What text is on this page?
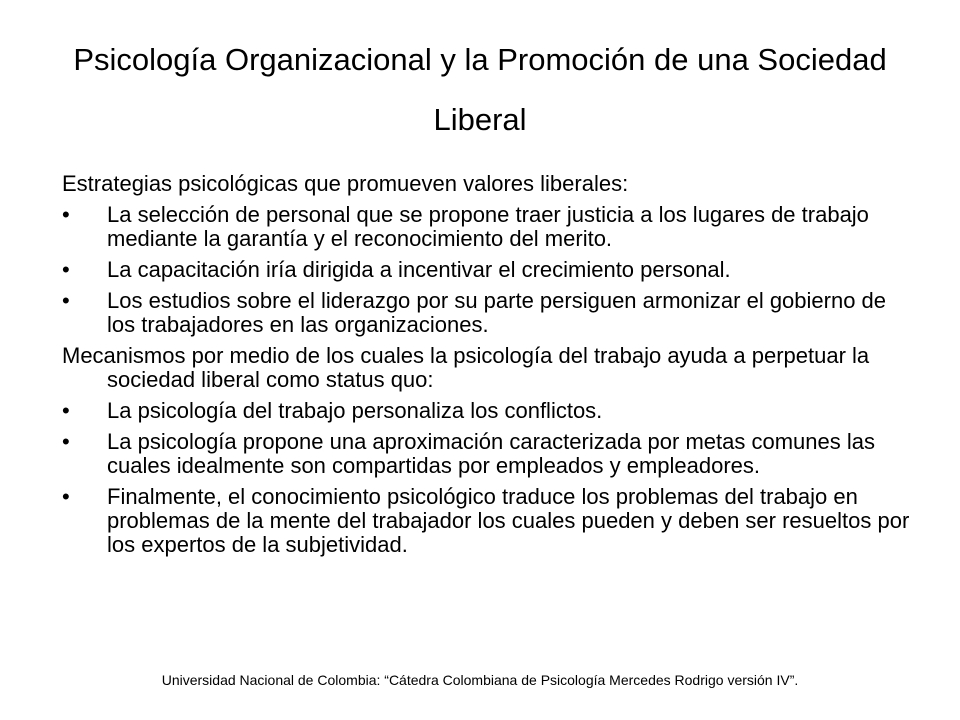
Psicología Organizacional y la Promoción de una Sociedad Liberal
Estrategias psicológicas que promueven valores liberales:
•	La selección de personal que se propone traer justicia a los lugares de trabajo mediante la garantía y el reconocimiento del merito.
•	La capacitación iría dirigida a incentivar el crecimiento personal.
•	Los estudios sobre el liderazgo por su parte persiguen armonizar el gobierno de los trabajadores en las organizaciones.
Mecanismos por medio de los cuales la psicología del trabajo ayuda a perpetuar la sociedad liberal como status quo:
•	La psicología del trabajo personaliza los conflictos.
•	La psicología propone una aproximación caracterizada por metas comunes las cuales idealmente son compartidas por empleados y empleadores.
•	Finalmente, el conocimiento psicológico traduce los problemas del trabajo en problemas de la mente del trabajador los cuales pueden y deben ser resueltos por los expertos de la subjetividad.
Universidad Nacional de Colombia: “Cátedra Colombiana de Psicología Mercedes Rodrigo versión IV”.
